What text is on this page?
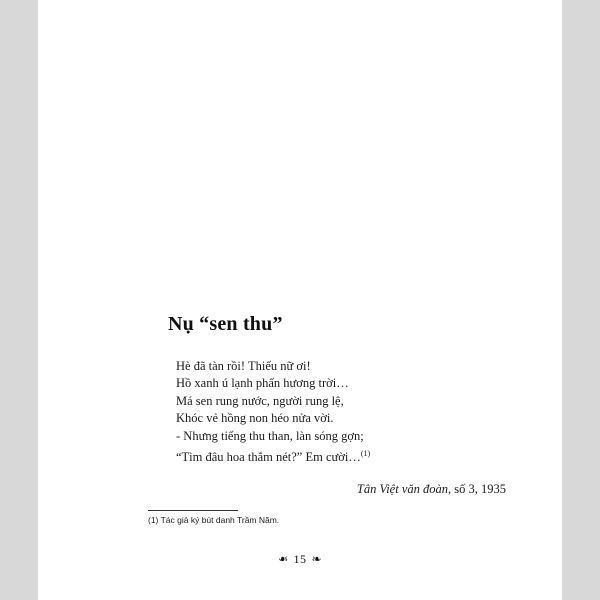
Nụ “sen thu”
Hè đã tàn rồi! Thiếu nữ ơi!
Hồ xanh ú lạnh phấn hương trời…
Má sen rung nước, người rung lệ,
Khóc vẻ hồng non héo nửa vời.
- Nhưng tiếng thu than, làn sóng gợn;
“Tìm đâu hoa thắm nét?” Em cười…$^{(1)}$
Tân Việt văn đoàn, số 3, 1935
(1) Tác giả ký bút danh Trầm Năm.
❧ 15 ❧
